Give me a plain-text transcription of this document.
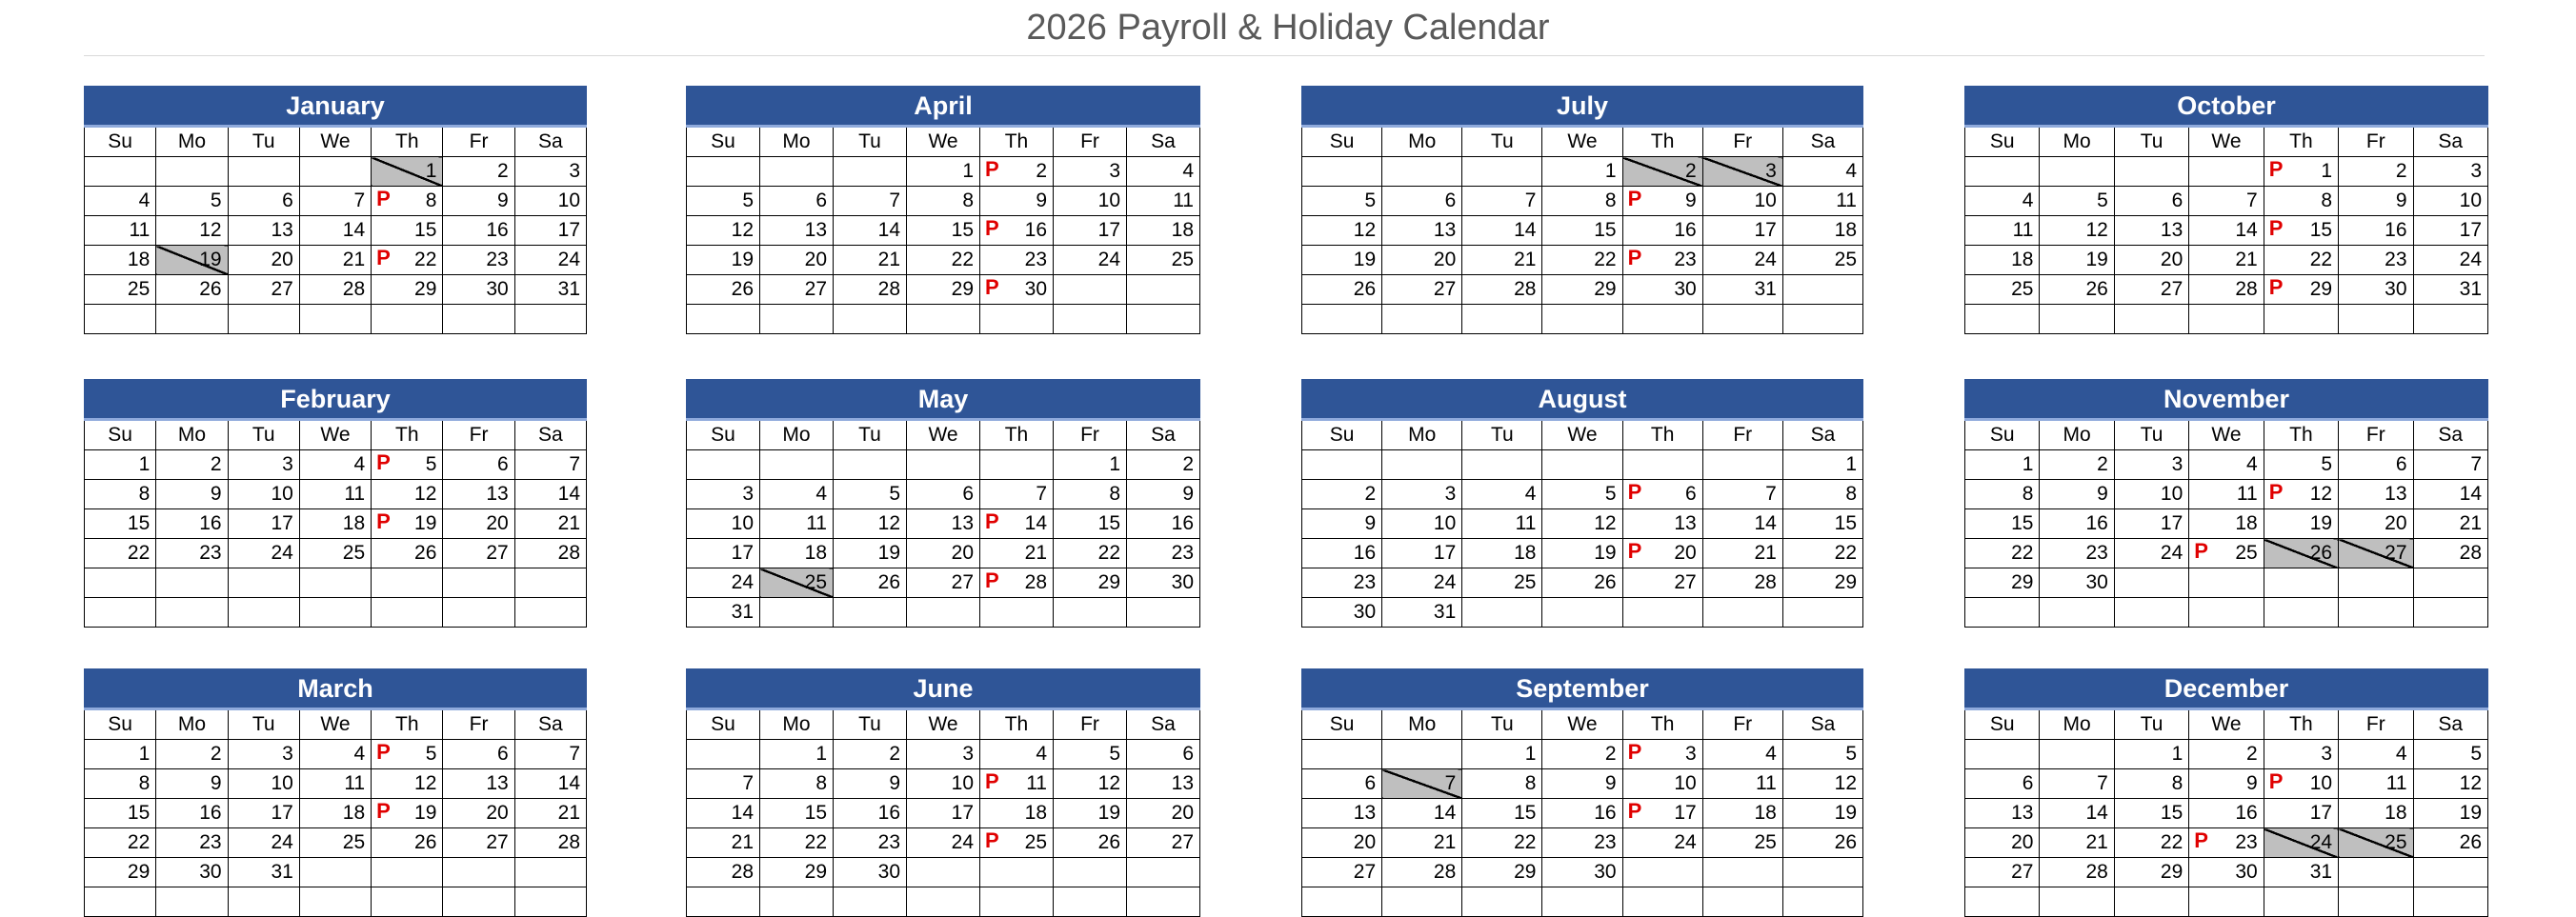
2026 Payroll & Holiday Calendar
January						
Su	Mo	Tu	We	Th	Fr	Sa
				1	2	3
4	5	6	7	P 8	9	10
11	12	13	14	15	16	17
18	19	20	21	P 22	23	24
25	26	27	28	29	30	31

February						
Su	Mo	Tu	We	Th	Fr	Sa
1	2	3	4	P 5	6	7
8	9	10	11	12	13	14
15	16	17	18	P 19	20	21
22	23	24	25	26	27	28

March						
Su	Mo	Tu	We	Th	Fr	Sa
1	2	3	4	P 5	6	7
8	9	10	11	12	13	14
15	16	17	18	P 19	20	21
22	23	24	25	26	27	28
29	30	31				

April						
Su	Mo	Tu	We	Th	Fr	Sa
			1	P 2	3	4
5	6	7	8	9	10	11
12	13	14	15	P 16	17	18
19	20	21	22	23	24	25
26	27	28	29	P 30		

May						
Su	Mo	Tu	We	Th	Fr	Sa
					1	2
3	4	5	6	7	8	9
10	11	12	13	P 14	15	16
17	18	19	20	21	22	23
24	25	26	27	P 28	29	30
31						
June						
Su	Mo	Tu	We	Th	Fr	Sa
	1	2	3	4	5	6
7	8	9	10	P 11	12	13
14	15	16	17	18	19	20
21	22	23	24	P 25	26	27
28	29	30				

July						
Su	Mo	Tu	We	Th	Fr	Sa
			1	2	3	4
5	6	7	8	P 9	10	11
12	13	14	15	16	17	18
19	20	21	22	P 23	24	25
26	27	28	29	30	31	

August						
Su	Mo	Tu	We	Th	Fr	Sa
						1
2	3	4	5	P 6	7	8
9	10	11	12	13	14	15
16	17	18	19	P 20	21	22
23	24	25	26	27	28	29
30	31					
September						
Su	Mo	Tu	We	Th	Fr	Sa
		1	2	P 3	4	5
6	7	8	9	10	11	12
13	14	15	16	P 17	18	19
20	21	22	23	24	25	26
27	28	29	30			

October						
Su	Mo	Tu	We	Th	Fr	Sa

				P 1	2	3
4	5	6	7	8	9	10
11	12	13	14	P 15	16	17
18	19	20	21	22	23	24
25	26	27	28	P 29	30	31

November						
Su	Mo	Tu	We	Th	Fr	Sa
1	2	3	4	5	6	7
8	9	10	11	P 12	13	14
15	16	17	18	19	20	21
22	23	24	P 25	26	27	28
29	30					

December						
Su	Mo	Tu	We	Th	Fr	Sa
		1	2	3	4	5
6	7	8	9	P 10	11	12
13	14	15	16	17	18	19
20	21	22	P 23	24	25	26
27	28	29	30	31		
